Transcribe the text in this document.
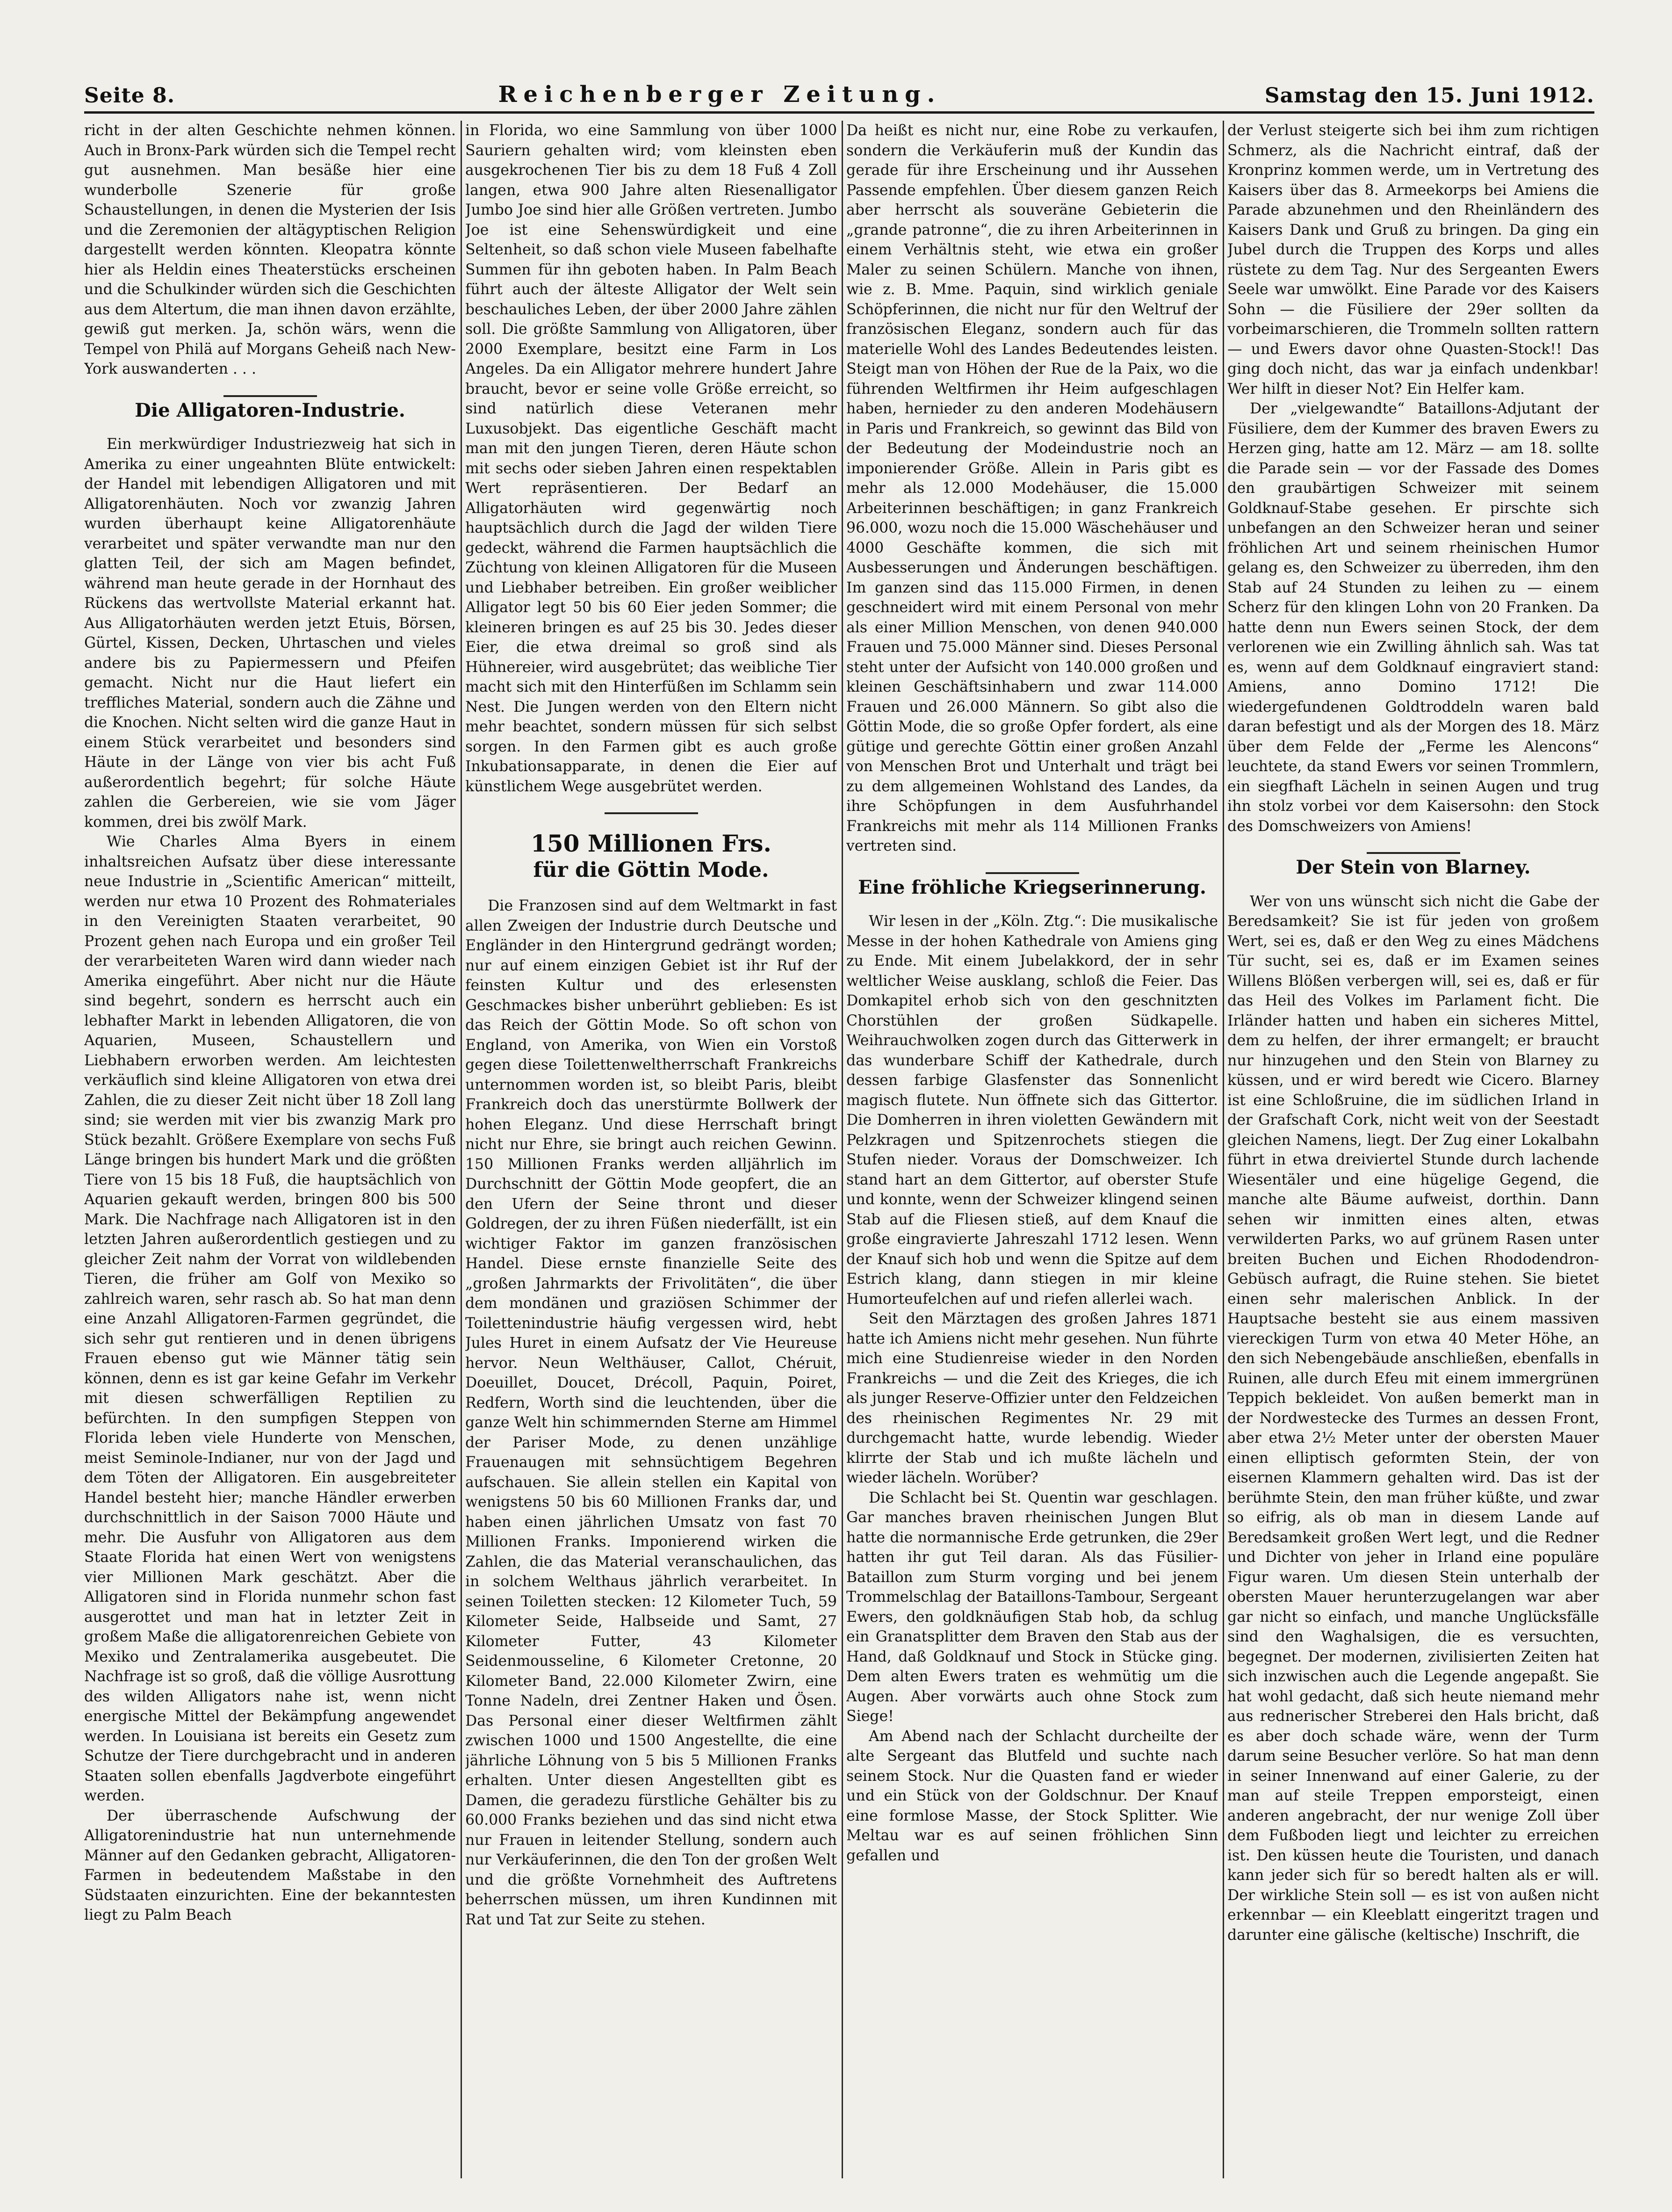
Seite 8.	Reichenberger Zeitung.	Samstag den 15. Juni 1912.

richt in der alten Geschichte nehmen können. Auch in Bronx-Park würden sich die Tempel recht gut ausnehmen. Man besäße hier eine wunderbolle Szenerie für große Schaustellungen, in denen die Mysterien der Isis und die Zeremonien der altägyptischen Religion dargestellt werden könnten. Kleopatra könnte hier als Heldin eines Theaterstücks erscheinen und die Schulkinder würden sich die Geschichten aus dem Altertum, die man ihnen davon erzählte, gewiß gut merken. Ja, schön wärs, wenn die Tempel von Philä auf Morgans Geheiß nach New-York auswanderten . . .

Die Alligatoren-Industrie.

Ein merkwürdiger Industriezweig hat sich in Amerika zu einer ungeahnten Blüte entwickelt: der Handel mit lebendigen Alligatoren und mit Alligatorenhäuten. Noch vor zwanzig Jahren wurden überhaupt keine Alligatorenhäute verarbeitet und später verwandte man nur den glatten Teil, der sich am Magen befindet, während man heute gerade in der Hornhaut des Rückens das wertvollste Material erkannt hat. Aus Alligatorhäuten werden jetzt Etuis, Börsen, Gürtel, Kissen, Decken, Uhrtaschen und vieles andere bis zu Papiermessern und Pfeifen gemacht. Nicht nur die Haut liefert ein treffliches Material, sondern auch die Zähne und die Knochen. Nicht selten wird die ganze Haut in einem Stück verarbeitet und besonders sind Häute in der Länge von vier bis acht Fuß außerordentlich begehrt; für solche Häute zahlen die Gerbereien, wie sie vom Jäger kommen, drei bis zwölf Mark.

Wie Charles Alma Byers in einem inhaltsreichen Aufsatz über diese interessante neue Industrie in „Scientific American“ mitteilt, werden nur etwa 10 Prozent des Rohmateriales in den Vereinigten Staaten verarbeitet, 90 Prozent gehen nach Europa und ein großer Teil der verarbeiteten Waren wird dann wieder nach Amerika eingeführt. Aber nicht nur die Häute sind begehrt, sondern es herrscht auch ein lebhafter Markt in lebenden Alligatoren, die von Aquarien, Museen, Schaustellern und Liebhabern erworben werden. Am leichtesten verkäuflich sind kleine Alligatoren von etwa drei Zahlen, die zu dieser Zeit nicht über 18 Zoll lang sind; sie werden mit vier bis zwanzig Mark pro Stück bezahlt. Größere Exemplare von sechs Fuß Länge bringen bis hundert Mark und die größten Tiere von 15 bis 18 Fuß, die hauptsächlich von Aquarien gekauft werden, bringen 800 bis 500 Mark. Die Nachfrage nach Alligatoren ist in den letzten Jahren außerordentlich gestiegen und zu gleicher Zeit nahm der Vorrat von wildlebenden Tieren, die früher am Golf von Mexiko so zahlreich waren, sehr rasch ab. So hat man denn eine Anzahl Alligatoren-Farmen gegründet, die sich sehr gut rentieren und in denen übrigens Frauen ebenso gut wie Männer tätig sein können, denn es ist gar keine Gefahr im Verkehr mit diesen schwerfälligen Reptilien zu befürchten. In den sumpfigen Steppen von Florida leben viele Hunderte von Menschen, meist Seminole-Indianer, nur von der Jagd und dem Töten der Alligatoren. Ein ausgebreiteter Handel besteht hier; manche Händler erwerben durchschnittlich in der Saison 7000 Häute und mehr. Die Ausfuhr von Alligatoren aus dem Staate Florida hat einen Wert von wenigstens vier Millionen Mark geschätzt. Aber die Alligatoren sind in Florida nunmehr schon fast ausgerottet und man hat in letzter Zeit in großem Maße die alligatorenreichen Gebiete von Mexiko und Zentralamerika ausgebeutet. Die Nachfrage ist so groß, daß die völlige Ausrottung des wilden Alligators nahe ist, wenn nicht energische Mittel der Bekämpfung angewendet werden. In Louisiana ist bereits ein Gesetz zum Schutze der Tiere durchgebracht und in anderen Staaten sollen ebenfalls Jagdverbote eingeführt werden.

Der überraschende Aufschwung der Alligatorenindustrie hat nun unternehmende Männer auf den Gedanken gebracht, Alligatoren-Farmen in bedeutendem Maßstabe in den Südstaaten einzurichten. Eine der bekanntesten liegt zu Palm Beach

in Florida, wo eine Sammlung von über 1000 Sauriern gehalten wird; vom kleinsten eben ausgekrochenen Tier bis zu dem 18 Fuß 4 Zoll langen, etwa 900 Jahre alten Riesenalligator Jumbo Joe sind hier alle Größen vertreten. Jumbo Joe ist eine Sehenswürdigkeit und eine Seltenheit, so daß schon viele Museen fabelhafte Summen für ihn geboten haben. In Palm Beach führt auch der älteste Alligator der Welt sein beschauliches Leben, der über 2000 Jahre zählen soll. Die größte Sammlung von Alligatoren, über 2000 Exemplare, besitzt eine Farm in Los Angeles. Da ein Alligator mehrere hundert Jahre braucht, bevor er seine volle Größe erreicht, so sind natürlich diese Veteranen mehr Luxusobjekt. Das eigentliche Geschäft macht man mit den jungen Tieren, deren Häute schon mit sechs oder sieben Jahren einen respektablen Wert repräsentieren. Der Bedarf an Alligatorhäuten wird gegenwärtig noch hauptsächlich durch die Jagd der wilden Tiere gedeckt, während die Farmen hauptsächlich die Züchtung von kleinen Alligatoren für die Museen und Liebhaber betreiben. Ein großer weiblicher Alligator legt 50 bis 60 Eier jeden Sommer; die kleineren bringen es auf 25 bis 30. Jedes dieser Eier, die etwa dreimal so groß sind als Hühnereier, wird ausgebrütet; das weibliche Tier macht sich mit den Hinterfüßen im Schlamm sein Nest. Die Jungen werden von den Eltern nicht mehr beachtet, sondern müssen für sich selbst sorgen. In den Farmen gibt es auch große Inkubationsapparate, in denen die Eier auf künstlichem Wege ausgebrütet werden.

150 Millionen Frs.
für die Göttin Mode.

Die Franzosen sind auf dem Weltmarkt in fast allen Zweigen der Industrie durch Deutsche und Engländer in den Hintergrund gedrängt worden; nur auf einem einzigen Gebiet ist ihr Ruf der feinsten Kultur und des erlesensten Geschmackes bisher unberührt geblieben: Es ist das Reich der Göttin Mode. So oft schon von England, von Amerika, von Wien ein Vorstoß gegen diese Toilettenweltherrschaft Frankreichs unternommen worden ist, so bleibt Paris, bleibt Frankreich doch das unerstürmte Bollwerk der hohen Eleganz. Und diese Herrschaft bringt nicht nur Ehre, sie bringt auch reichen Gewinn. 150 Millionen Franks werden alljährlich im Durchschnitt der Göttin Mode geopfert, die an den Ufern der Seine thront und dieser Goldregen, der zu ihren Füßen niederfällt, ist ein wichtiger Faktor im ganzen französischen Handel. Diese ernste finanzielle Seite des „großen Jahrmarkts der Frivolitäten“, die über dem mondänen und graziösen Schimmer der Toilettenindustrie häufig vergessen wird, hebt Jules Huret in einem Aufsatz der Vie Heureuse hervor. Neun Welthäuser, Callot, Chéruit, Doeuillet, Doucet, Drécoll, Paquin, Poiret, Redfern, Worth sind die leuchtenden, über die ganze Welt hin schimmernden Sterne am Himmel der Pariser Mode, zu denen unzählige Frauenaugen mit sehnsüchtigem Begehren aufschauen. Sie allein stellen ein Kapital von wenigstens 50 bis 60 Millionen Franks dar, und haben einen jährlichen Umsatz von fast 70 Millionen Franks. Imponierend wirken die Zahlen, die das Material veranschaulichen, das in solchem Welthaus jährlich verarbeitet. In seinen Toiletten stecken: 12 Kilometer Tuch, 59 Kilometer Seide, Halbseide und Samt, 27 Kilometer Futter, 43 Kilometer Seidenmousseline, 6 Kilometer Cretonne, 20 Kilometer Band, 22.000 Kilometer Zwirn, eine Tonne Nadeln, drei Zentner Haken und Ösen. Das Personal einer dieser Weltfirmen zählt zwischen 1000 und 1500 Angestellte, die eine jährliche Löhnung von 5 bis 5 Millionen Franks erhalten. Unter diesen Angestellten gibt es Damen, die geradezu fürstliche Gehälter bis zu 60.000 Franks beziehen und das sind nicht etwa nur Frauen in leitender Stellung, sondern auch nur Verkäuferinnen, die den Ton der großen Welt und die größte Vornehmheit des Auftretens beherrschen müssen, um ihren Kundinnen mit Rat und Tat zur Seite zu stehen.

Da heißt es nicht nur, eine Robe zu verkaufen, sondern die Verkäuferin muß der Kundin das gerade für ihre Erscheinung und ihr Aussehen Passende empfehlen. Über diesem ganzen Reich aber herrscht als souveräne Gebieterin die „grande patronne“, die zu ihren Arbeiterinnen in einem Verhältnis steht, wie etwa ein großer Maler zu seinen Schülern. Manche von ihnen, wie z. B. Mme. Paquin, sind wirklich geniale Schöpferinnen, die nicht nur für den Weltruf der französischen Eleganz, sondern auch für das materielle Wohl des Landes Bedeutendes leisten. Steigt man von Höhen der Rue de la Paix, wo die führenden Weltfirmen ihr Heim aufgeschlagen haben, hernieder zu den anderen Modehäusern in Paris und Frankreich, so gewinnt das Bild von der Bedeutung der Modeindustrie noch an imponierender Größe. Allein in Paris gibt es mehr als 12.000 Modehäuser, die 15.000 Arbeiterinnen beschäftigen; in ganz Frankreich 96.000, wozu noch die 15.000 Wäschehäuser und 4000 Geschäfte kommen, die sich mit Ausbesserungen und Änderungen beschäftigen. Im ganzen sind das 115.000 Firmen, in denen geschneidert wird mit einem Personal von mehr als einer Million Menschen, von denen 940.000 Frauen und 75.000 Männer sind. Dieses Personal steht unter der Aufsicht von 140.000 großen und kleinen Geschäftsinhabern und zwar 114.000 Frauen und 26.000 Männern. So gibt also die Göttin Mode, die so große Opfer fordert, als eine gütige und gerechte Göttin einer großen Anzahl von Menschen Brot und Unterhalt und trägt bei zu dem allgemeinen Wohlstand des Landes, da ihre Schöpfungen in dem Ausfuhrhandel Frankreichs mit mehr als 114 Millionen Franks vertreten sind.

Eine fröhliche Kriegserinnerung.

Wir lesen in der „Köln. Ztg.“: Die musikalische Messe in der hohen Kathedrale von Amiens ging zu Ende. Mit einem Jubelakkord, der in sehr weltlicher Weise ausklang, schloß die Feier. Das Domkapitel erhob sich von den geschnitzten Chorstühlen der großen Südkapelle. Weihrauchwolken zogen durch das Gitterwerk in das wunderbare Schiff der Kathedrale, durch dessen farbige Glasfenster das Sonnenlicht magisch flutete. Nun öffnete sich das Gittertor. Die Domherren in ihren violetten Gewändern mit Pelzkragen und Spitzenrochets stiegen die Stufen nieder. Voraus der Domschweizer. Ich stand hart an dem Gittertor, auf oberster Stufe und konnte, wenn der Schweizer klingend seinen Stab auf die Fliesen stieß, auf dem Knauf die große eingravierte Jahreszahl 1712 lesen. Wenn der Knauf sich hob und wenn die Spitze auf dem Estrich klang, dann stiegen in mir kleine Humorteufelchen auf und riefen allerlei wach.

Seit den Märztagen des großen Jahres 1871 hatte ich Amiens nicht mehr gesehen. Nun führte mich eine Studienreise wieder in den Norden Frankreichs — und die Zeit des Krieges, die ich als junger Reserve-Offizier unter den Feldzeichen des rheinischen Regimentes Nr. 29 mit durchgemacht hatte, wurde lebendig. Wieder klirrte der Stab und ich mußte lächeln und wieder lächeln. Worüber?

Die Schlacht bei St. Quentin war geschlagen. Gar manches braven rheinischen Jungen Blut hatte die normannische Erde getrunken, die 29er hatten ihr gut Teil daran. Als das Füsilier-Bataillon zum Sturm vorging und bei jenem Trommelschlag der Bataillons-Tambour, Sergeant Ewers, den goldknäufigen Stab hob, da schlug ein Granatsplitter dem Braven den Stab aus der Hand, daß Goldknauf und Stock in Stücke ging. Dem alten Ewers traten es wehmütig um die Augen. Aber vorwärts auch ohne Stock zum Siege!

Am Abend nach der Schlacht durcheilte der alte Sergeant das Blutfeld und suchte nach seinem Stock. Nur die Quasten fand er wieder und ein Stück von der Goldschnur. Der Knauf eine formlose Masse, der Stock Splitter. Wie Meltau war es auf seinen fröhlichen Sinn gefallen und

der Verlust steigerte sich bei ihm zum richtigen Schmerz, als die Nachricht eintraf, daß der Kronprinz kommen werde, um in Vertretung des Kaisers über das 8. Armeekorps bei Amiens die Parade abzunehmen und den Rheinländern des Kaisers Dank und Gruß zu bringen. Da ging ein Jubel durch die Truppen des Korps und alles rüstete zu dem Tag. Nur des Sergeanten Ewers Seele war umwölkt. Eine Parade vor des Kaisers Sohn — die Füsiliere der 29er sollten da vorbeimarschieren, die Trommeln sollten rattern — und Ewers davor ohne Quasten-Stock!! Das ging doch nicht, das war ja einfach undenkbar! Wer hilft in dieser Not? Ein Helfer kam.

Der „vielgewandte“ Bataillons-Adjutant der Füsiliere, dem der Kummer des braven Ewers zu Herzen ging, hatte am 12. März — am 18. sollte die Parade sein — vor der Fassade des Domes den graubärtigen Schweizer mit seinem Goldknauf-Stabe gesehen. Er pirschte sich unbefangen an den Schweizer heran und seiner fröhlichen Art und seinem rheinischen Humor gelang es, den Schweizer zu überreden, ihm den Stab auf 24 Stunden zu leihen zu — einem Scherz für den klingen Lohn von 20 Franken. Da hatte denn nun Ewers seinen Stock, der dem verlorenen wie ein Zwilling ähnlich sah. Was tat es, wenn auf dem Goldknauf eingraviert stand: Amiens, anno Domino 1712! Die wiedergefundenen Goldtroddeln waren bald daran befestigt und als der Morgen des 18. März über dem Felde der „Ferme les Alencons“ leuchtete, da stand Ewers vor seinen Trommlern, ein siegfhaft Lächeln in seinen Augen und trug ihn stolz vorbei vor dem Kaisersohn: den Stock des Domschweizers von Amiens!

Der Stein von Blarney.

Wer von uns wünscht sich nicht die Gabe der Beredsamkeit? Sie ist für jeden von großem Wert, sei es, daß er den Weg zu eines Mädchens Tür sucht, sei es, daß er im Examen seines Willens Blößen verbergen will, sei es, daß er für das Heil des Volkes im Parlament ficht. Die Irländer hatten und haben ein sicheres Mittel, dem zu helfen, der ihrer ermangelt; er braucht nur hinzugehen und den Stein von Blarney zu küssen, und er wird beredt wie Cicero. Blarney ist eine Schloßruine, die im südlichen Irland in der Grafschaft Cork, nicht weit von der Seestadt gleichen Namens, liegt. Der Zug einer Lokalbahn führt in etwa dreiviertel Stunde durch lachende Wiesentäler und eine hügelige Gegend, die manche alte Bäume aufweist, dorthin. Dann sehen wir inmitten eines alten, etwas verwilderten Parks, wo auf grünem Rasen unter breiten Buchen und Eichen Rhododendron-Gebüsch aufragt, die Ruine stehen. Sie bietet einen sehr malerischen Anblick. In der Hauptsache besteht sie aus einem massiven viereckigen Turm von etwa 40 Meter Höhe, an den sich Nebengebäude anschließen, ebenfalls in Ruinen, alle durch Efeu mit einem immergrünen Teppich bekleidet. Von außen bemerkt man in der Nordwestecke des Turmes an dessen Front, aber etwa 2½ Meter unter der obersten Mauer einen elliptisch geformten Stein, der von eisernen Klammern gehalten wird. Das ist der berühmte Stein, den man früher küßte, und zwar so eifrig, als ob man in diesem Lande auf Beredsamkeit großen Wert legt, und die Redner und Dichter von jeher in Irland eine populäre Figur waren. Um diesen Stein unterhalb der obersten Mauer herunterzugelangen war aber gar nicht so einfach, und manche Unglücksfälle sind den Waghalsigen, die es versuchten, begegnet. Der modernen, zivilisierten Zeiten hat sich inzwischen auch die Legende angepaßt. Sie hat wohl gedacht, daß sich heute niemand mehr aus rednerischer Streberei den Hals bricht, daß es aber doch schade wäre, wenn der Turm darum seine Besucher verlöre. So hat man denn in seiner Innenwand auf einer Galerie, zu der man auf steile Treppen emporsteigt, einen anderen angebracht, der nur wenige Zoll über dem Fußboden liegt und leichter zu erreichen ist. Den küssen heute die Touristen, und danach kann jeder sich für so beredt halten als er will. Der wirkliche Stein soll — es ist von außen nicht erkennbar — ein Kleeblatt eingeritzt tragen und darunter eine gälische (keltische) Inschrift, die
